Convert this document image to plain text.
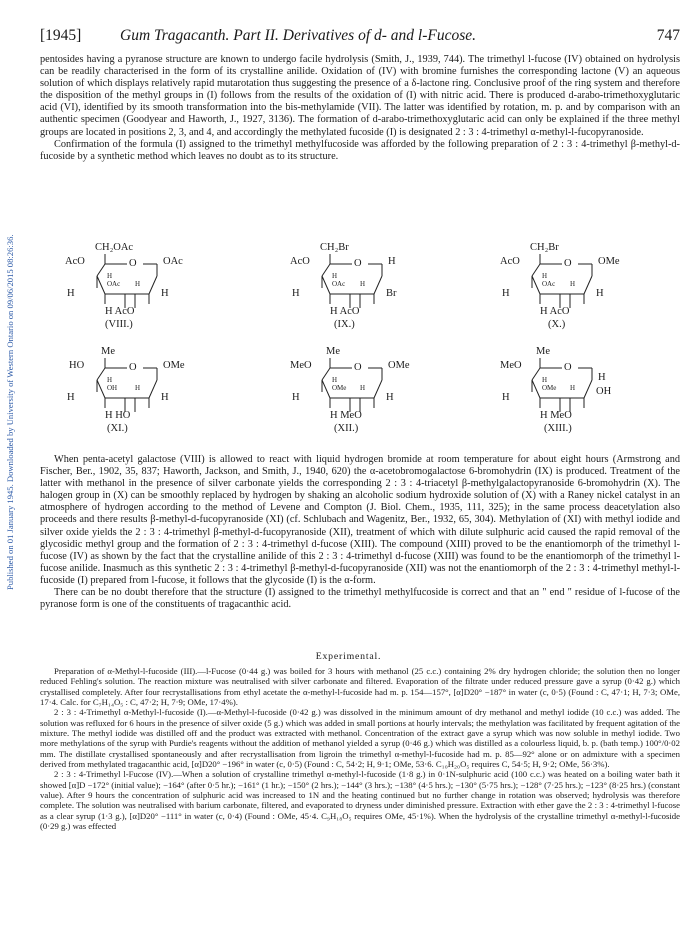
Published on 01 January 1945. Downloaded by University of Western Ontario on 09/06/2015 08:26:36.
[1945] Gum Tragacanth. Part II. Derivatives of d- and l-Fucose.	747

pentosides having a pyranose structure are known to undergo facile hydrolysis (Smith, J., 1939, 744). The trimethyl l-fucose (IV) obtained on hydrolysis can be readily characterised in the form of its crystalline anilide. Oxidation of (IV) with bromine furnishes the corresponding lactone (V) an aqueous solution of which displays relatively rapid mutarotation thus suggesting the presence of a δ-lactone ring. Conclusive proof of the ring system and therefore the disposition of the methyl groups in (I) follows from the results of the oxidation of (I) with nitric acid. There is produced d-arabo-trimethoxyglutaric acid (VI), identified by its smooth transformation into the bis-methylamide (VII). The latter was identified by rotation, m. p. and by comparison with an authentic specimen (Goodyear and Haworth, J., 1927, 3136). The formation of d-arabo-trimethoxyglutaric acid can only be explained if the three methyl groups are located in positions 2, 3, and 4, and accordingly the methylated fucoside (I) is designated 2 : 3 : 4-trimethyl α-methyl-l-fucopyranoside.

Confirmation of the formula (I) assigned to the trimethyl methylfucoside was afforded by the following preparation of 2 : 3 : 4-trimethyl β-methyl-d-fucoside by a synthetic method which leaves no doubt as to its structure.

CH₂OAc
O
AcO	OAc
H
OAc H
H	H
H AcO
(VIII.)
CH₂Br
O
AcO	H
H
OAc H
H	Br
H AcO
(IX.)
CH₂Br
O
AcO	OMe
H
OAc H
H	H
H AcO
(X.)
Me
O
HO	OMe
H
OH	H
H	H
H HO
(XI.)
Me
O
MeO	OMe
H
OMe H
H	H
H MeO
(XII.)
Me
O
MeO
H
H
OMe H
H
OH
H MeO
(XIII.)

When penta-acetyl galactose (VIII) is allowed to react with liquid hydrogen bromide at room temperature for about eight hours (Armstrong and Fischer, Ber., 1902, 35, 837; Haworth, Jackson, and Smith, J., 1940, 620) the α-acetobromogalactose 6-bromohydrin (IX) is produced. Treatment of the latter with methanol in the presence of silver carbonate yields the corresponding 2 : 3 : 4-triacetyl β-methylgalactopyranoside 6-bromohydrin (X). The halogen group in (X) can be smoothly replaced by hydrogen by shaking an alcoholic sodium hydroxide solution of (X) with a Raney nickel catalyst in an atmosphere of hydrogen according to the method of Levene and Compton (J. Biol. Chem., 1935, 111, 325); in the same process deacetylation also proceeds and there results β-methyl-d-fucopyranoside (XI) (cf. Schlubach and Wagenitz, Ber., 1932, 65, 304). Methylation of (XI) with methyl iodide and silver oxide yields the 2 : 3 : 4-trimethyl β-methyl-d-fucopyranoside (XII), treatment of which with dilute sulphuric acid caused the rapid removal of the glycosidic methyl group and the formation of 2 : 3 : 4-trimethyl d-fucose (XIII). The compound (XIII) proved to be the enantiomorph of the trimethyl l-fucose (IV) as shown by the fact that the crystalline anilide of this 2 : 3 : 4-trimethyl d-fucose (XIII) was found to be the enantiomorph of the trimethyl l-fucose anilide. Inasmuch as this synthetic 2 : 3 : 4-trimethyl β-methyl-d-fucopyranoside (XII) was not the enantiomorph of the 2 : 3 : 4-trimethyl methyl-l-fucoside (I) prepared from l-fucose, it follows that the glycoside (I) is the α-form.

There can be no doubt therefore that the structure (I) assigned to the trimethyl methylfucoside is correct and that an " end " residue of l-fucose of the pyranose form is one of the constituents of tragacanthic acid.

Experimental.

Preparation of α-Methyl-l-fucoside (III).—l-Fucose (0·44 g.) was boiled for 3 hours with methanol (25 c.c.) containing 2% dry hydrogen chloride; the solution then no longer reduced Fehling's solution. The reaction mixture was neutralised with silver carbonate and filtered. Evaporation of the filtrate under reduced pressure gave a syrup (0·42 g.) which crystallised completely. After four recrystallisations from ethyl acetate the α-methyl-l-fucoside had m. p. 154—157°, [α]D20° −187° in water (c, 0·5) (Found : C, 47·1; H, 7·3; OMe, 17·4. Calc. for C₇H₁₄O₅ : C, 47·2; H, 7·9; OMe, 17·4%).

2 : 3 : 4-Trimethyl α-Methyl-l-fucoside (I).—α-Methyl-l-fucoside (0·42 g.) was dissolved in the minimum amount of dry methanol and methyl iodide (10 c.c.) was added. The solution was refluxed for 6 hours in the presence of silver oxide (5 g.) which was added in small portions at hourly intervals; the methylation was facilitated by frequent agitation of the mixture. The methyl iodide was distilled off and the product was extracted with methanol. Concentration of the extract gave a syrup which was now soluble in methyl iodide. Two more methylations of the syrup with Purdie's reagents without the addition of methanol yielded a syrup (0·46 g.) which was distilled as a colourless liquid, b. p. (bath temp.) 100°/0·02 mm. The distillate crystallised spontaneously and after recrystallisation from ligroin the trimethyl α-methyl-l-fucoside had m. p. 85—92° alone or on admixture with a specimen derived from methylated tragacanthic acid, [α]D20° −196° in water (c, 0·5) (Found : C, 54·2; H, 9·1; OMe, 53·6. C₁₀H₂₀O₅ requires C, 54·5; H, 9·2; OMe, 56·3%).

2 : 3 : 4-Trimethyl l-Fucose (IV).—When a solution of crystalline trimethyl α-methyl-l-fucoside (1·8 g.) in 0·1N-sulphuric acid (100 c.c.) was heated on a boiling water bath it showed [α]D −172° (initial value); −164° (after 0·5 hr.); −161° (1 hr.); −150° (2 hrs.); −144° (3 hrs.); −138° (4·5 hrs.); −130° (5·75 hrs.); −128° (7·25 hrs.); −123° (8·25 hrs.) (constant value). After 9 hours the concentration of sulphuric acid was increased to 1N and the heating continued but no further change in rotation was observed; hydrolysis was therefore complete. The solution was neutralised with barium carbonate, filtered, and evaporated to dryness under diminished pressure. Extraction with ether gave the 2 : 3 : 4-trimethyl l-fucose as a clear syrup (1·3 g.), [α]D20° −111° in water (c, 0·4) (Found : OMe, 45·4. C₉H₁₈O₅ requires OMe, 45·1%). When the hydrolysis of the crystalline trimethyl α-methyl-l-fucoside (0·29 g.) was effected
